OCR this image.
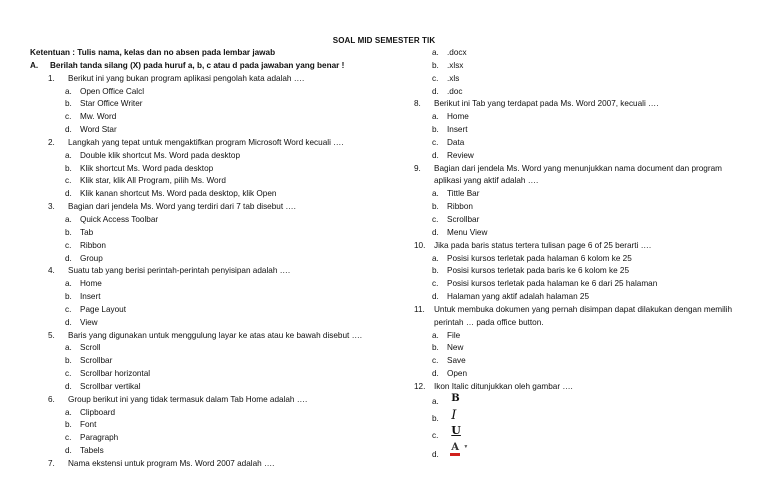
SOAL MID SEMESTER TIK
Ketentuan : Tulis nama, kelas dan no absen pada lembar jawab
A. Berilah tanda silang (X) pada huruf a, b, c atau d pada jawaban yang benar !
1. Berikut ini yang bukan program aplikasi pengolah kata adalah ….
a. Open Office Calcl
b. Star Office Writer
c. Mw. Word
d. Word Star
2. Langkah yang tepat untuk mengaktifkan program Microsoft Word kecuali ….
a. Double klik shortcut Ms. Word pada desktop
b. Klik shortcut Ms. Word pada desktop
c. Klik star, klik All Program, pilih Ms. Word
d. Klik kanan shortcut Ms. Word pada desktop, klik Open
3. Bagian dari jendela Ms. Word yang terdiri dari 7 tab disebut ….
a. Quick Access Toolbar
b. Tab
c. Ribbon
d. Group
4. Suatu tab yang berisi perintah-perintah penyisipan adalah ….
a. Home
b. Insert
c. Page Layout
d. View
5. Baris yang digunakan untuk menggulung layar ke atas atau ke bawah disebut ….
a. Scroll
b. Scrollbar
c. Scrollbar horizontal
d. Scrollbar vertikal
6. Group berikut ini yang tidak termasuk dalam Tab Home adalah ….
a. Clipboard
b. Font
c. Paragraph
d. Tabels
7. Nama ekstensi untuk program Ms. Word 2007 adalah ….
a. .docx
b. .xlsx
c. .xls
d. .doc
8. Berikut ini Tab yang terdapat pada Ms. Word 2007, kecuali ….
a. Home
b. Insert
c. Data
d. Review
9. Bagian dari jendela Ms. Word yang menunjukkan nama document dan program
aplikasi yang aktif adalah ….
a. Tittle Bar
b. Ribbon
c. Scrollbar
d. Menu View
10. Jika pada baris status tertera tulisan page 6 of 25 berarti ….
a. Posisi kursos terletak pada halaman 6 kolom ke 25
b. Posisi kursos terletak pada baris ke 6 kolom ke 25
c. Posisi kursos terletak pada halaman ke 6 dari 25 halaman
d. Halaman yang aktif adalah halaman 25
11. Untuk membuka dokumen yang pernah disimpan dapat dilakukan dengan memilih
perintah … pada office button.
a. File
b. New
c. Save
d. Open
12. Ikon Italic ditunjukkan oleh gambar ….
a. B
b. I
c. U
d. A ▼
